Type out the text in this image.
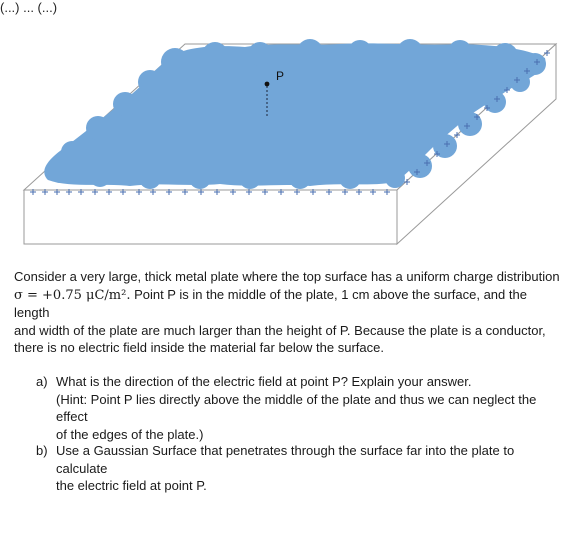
(...) ... (...)
P

Consider a very large, thick metal plate where the top surface has a uniform charge distribution

σ = +0.75 μC/m². Point P is in the middle of the plate, 1 cm above the surface, and the length

and width of the plate are much larger than the height of P. Because the plate is a conductor,

there is no electric field inside the material far below the surface.

a) What is the direction of the electric field at point P? Explain your answer.
(Hint: Point P lies directly above the middle of the plate and thus we can neglect the effect
of the edges of the plate.)
b) Use a Gaussian Surface that penetrates through the surface far into the plate to calculate
the electric field at point P.
